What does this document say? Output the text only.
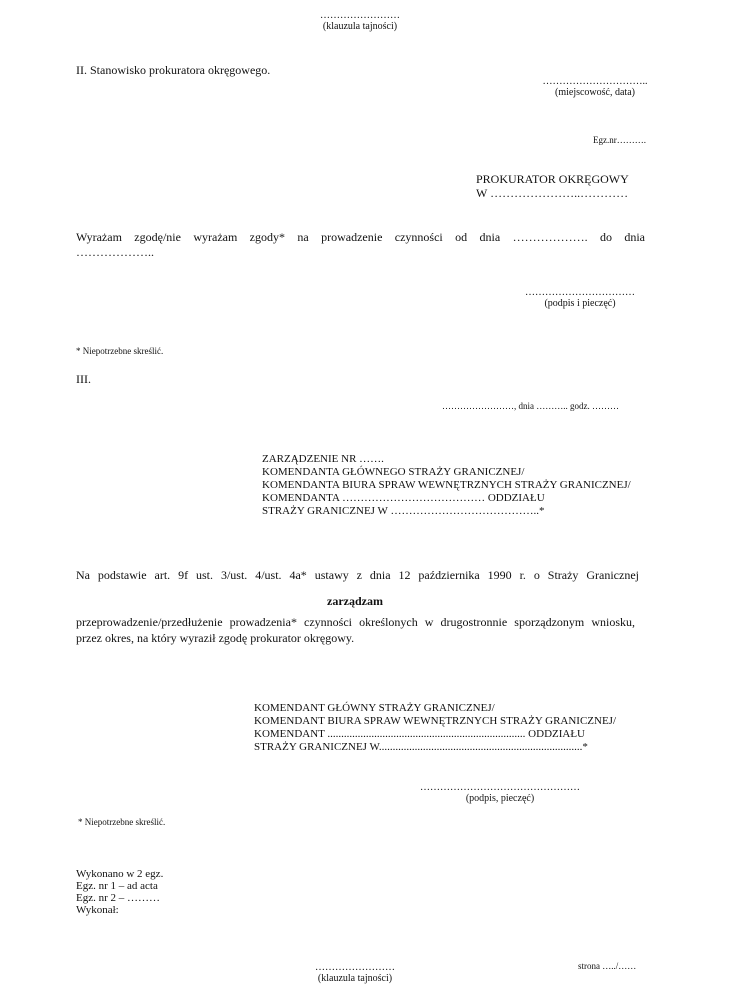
……………………
(klauzula tajności)
II. Stanowisko prokuratora okręgowego.
…………………………..
(miejscowość, data)
Egz.nr……….
PROKURATOR OKRĘGOWY
W …………………..…………
Wyrażam zgodę/nie wyrażam zgody* na prowadzenie czynności od dnia ………………. do dnia
………………..
……………………………
(podpis i pieczęć)
* Niepotrzebne skreślić.
III.
……………………, dnia ……….. godz. ………
ZARZĄDZENIE NR …….
KOMENDANTA GŁÓWNEGO STRAŻY GRANICZNEJ/
KOMENDANTA BIURA SPRAW WEWNĘTRZNYCH STRAŻY GRANICZNEJ/
KOMENDANTA ………………………………… ODDZIAŁU
STRAŻY GRANICZNEJ W …………………………………..*
Na podstawie art. 9f ust. 3/ust. 4/ust. 4a* ustawy z dnia 12 października 1990 r. o Straży Granicznej
zarządzam
przeprowadzenie/przedłużenie prowadzenia* czynności określonych w drugostronnie sporządzonym wniosku,
przez okres, na który wyraził zgodę prokurator okręgowy.
KOMENDANT GŁÓWNY STRAŻY GRANICZNEJ/
KOMENDANT BIURA SPRAW WEWNĘTRZNYCH STRAŻY GRANICZNEJ/
KOMENDANT ........................................................................ ODDZIAŁU
STRAŻY GRANICZNEJ W..........................................................................*
…………………………………………
(podpis, pieczęć)
* Niepotrzebne skreślić.
Wykonano w 2 egz.
Egz. nr 1 – ad acta
Egz. nr 2 – ………
Wykonał:
strona …../……
……………………
(klauzula tajności)
